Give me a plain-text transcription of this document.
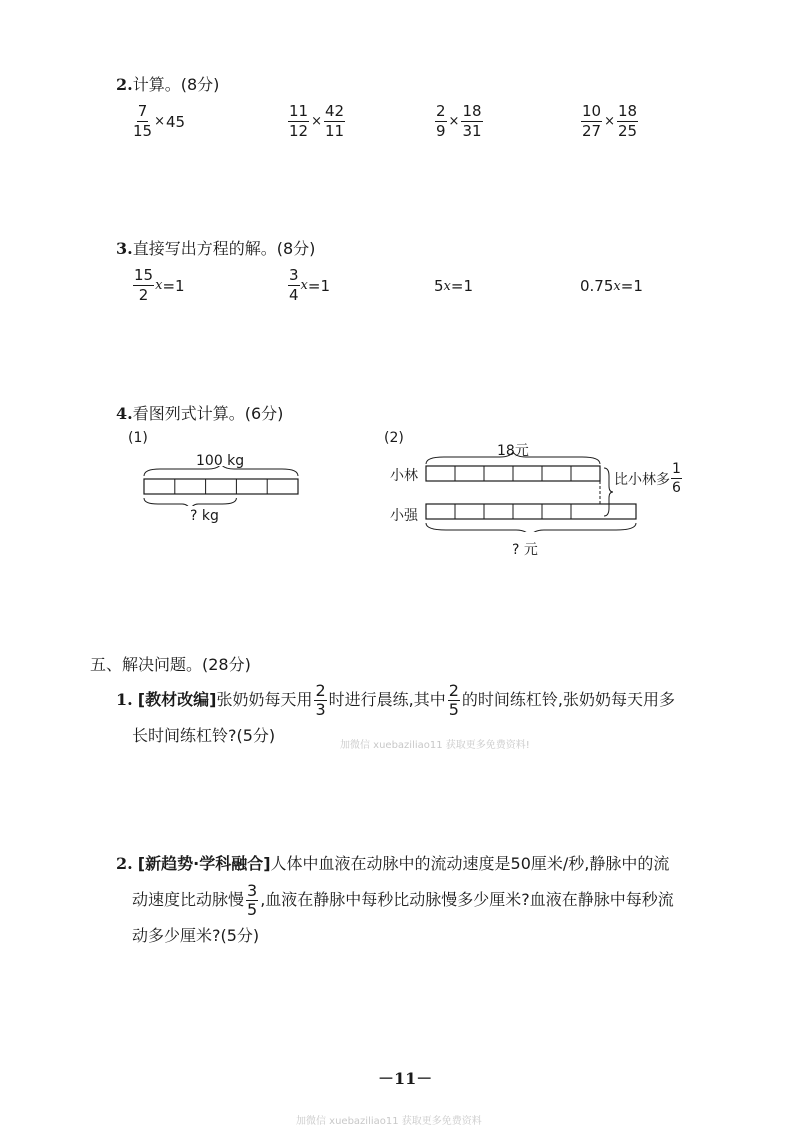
2.计算。(8分)
$\frac{7}{15} \times 45$	$\frac{11}{12} \times \frac{42}{11}$	$\frac{2}{9} \times \frac{18}{31}$	$\frac{10}{27} \times \frac{18}{25}$
3.直接写出方程的解。(8分)
$\frac{15}{2}$ x =1	$\frac{3}{4}$ x =1	5 x =1	0.75 x =1
4.看图列式计算。(6分)
(1)
100 kg
? kg
(2)
18元
小林
小强
比小林多 $\frac{1}{6}$
? 元
五、解决问题。(28分)
1. [教材改编]张奶奶每天用 $\frac{2}{3}$ 时进行晨练,其中 $\frac{2}{5}$ 的时间练杠铃,张奶奶每天用多
长时间练杠铃?(5分)
加微信 xuebaziliao11 获取更多免费资料!
2. [新趋势·学科融合]人体中血液在动脉中的流动速度是50厘米/秒,静脉中的流
动速度比动脉慢 $\frac{3}{5}$ ,血液在静脉中每秒比动脉慢多少厘米?血液在静脉中每秒流
动多少厘米?(5分)
－11－
加微信 xuebaziliao11 获取更多免费资料
